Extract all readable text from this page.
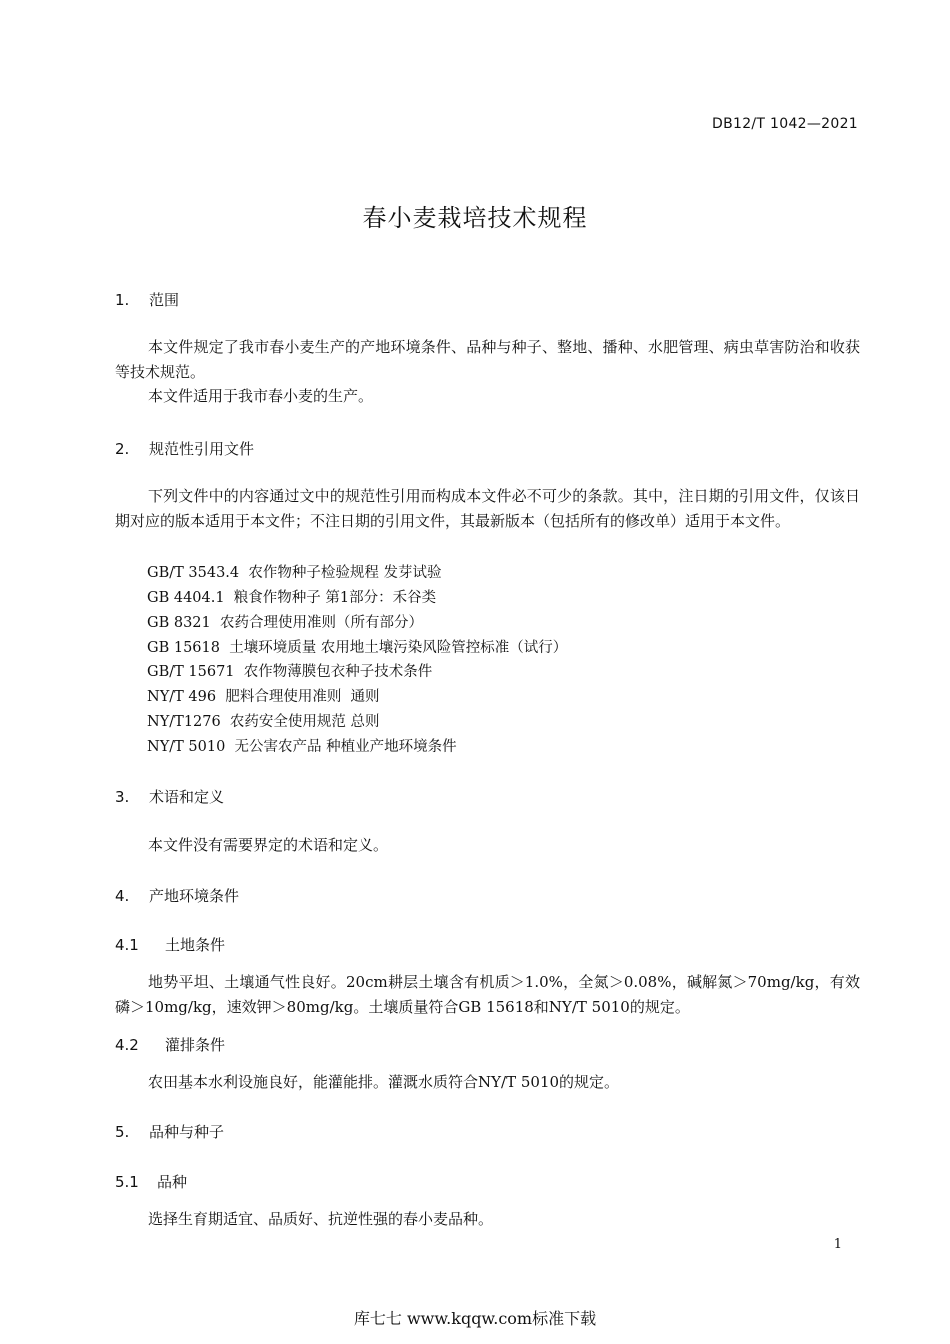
DB12/T 1042—2021
春小麦栽培技术规程
1. 范围
本文件规定了我市春小麦生产的产地环境条件、品种与种子、整地、播种、水肥管理、病虫草害防治和收获等技术规范。
本文件适用于我市春小麦的生产。
2. 规范性引用文件
下列文件中的内容通过文中的规范性引用而构成本文件必不可少的条款。其中，注日期的引用文件，仅该日期对应的版本适用于本文件；不注日期的引用文件，其最新版本（包括所有的修改单）适用于本文件。
GB/T 3543.4  农作物种子检验规程 发芽试验
GB 4404.1  粮食作物种子 第1部分：禾谷类
GB 8321  农药合理使用准则（所有部分）
GB 15618  土壤环境质量 农用地土壤污染风险管控标准（试行）
GB/T 15671  农作物薄膜包衣种子技术条件
NY/T 496  肥料合理使用准则  通则
NY/T1276  农药安全使用规范 总则
NY/T 5010  无公害农产品 种植业产地环境条件
3. 术语和定义
本文件没有需要界定的术语和定义。
4. 产地环境条件
4.1 土地条件
地势平坦、土壤通气性良好。20cm耕层土壤含有机质＞1.0%，全氮＞0.08%，碱解氮＞70mg/kg，有效磷＞10mg/kg，速效钾＞80mg/kg。土壤质量符合GB 15618和NY/T 5010的规定。
4.2 灌排条件
农田基本水利设施良好，能灌能排。灌溉水质符合NY/T 5010的规定。
5. 品种与种子
5.1 品种
选择生育期适宜、品质好、抗逆性强的春小麦品种。
1
库七七 www.kqqw.com标准下载
